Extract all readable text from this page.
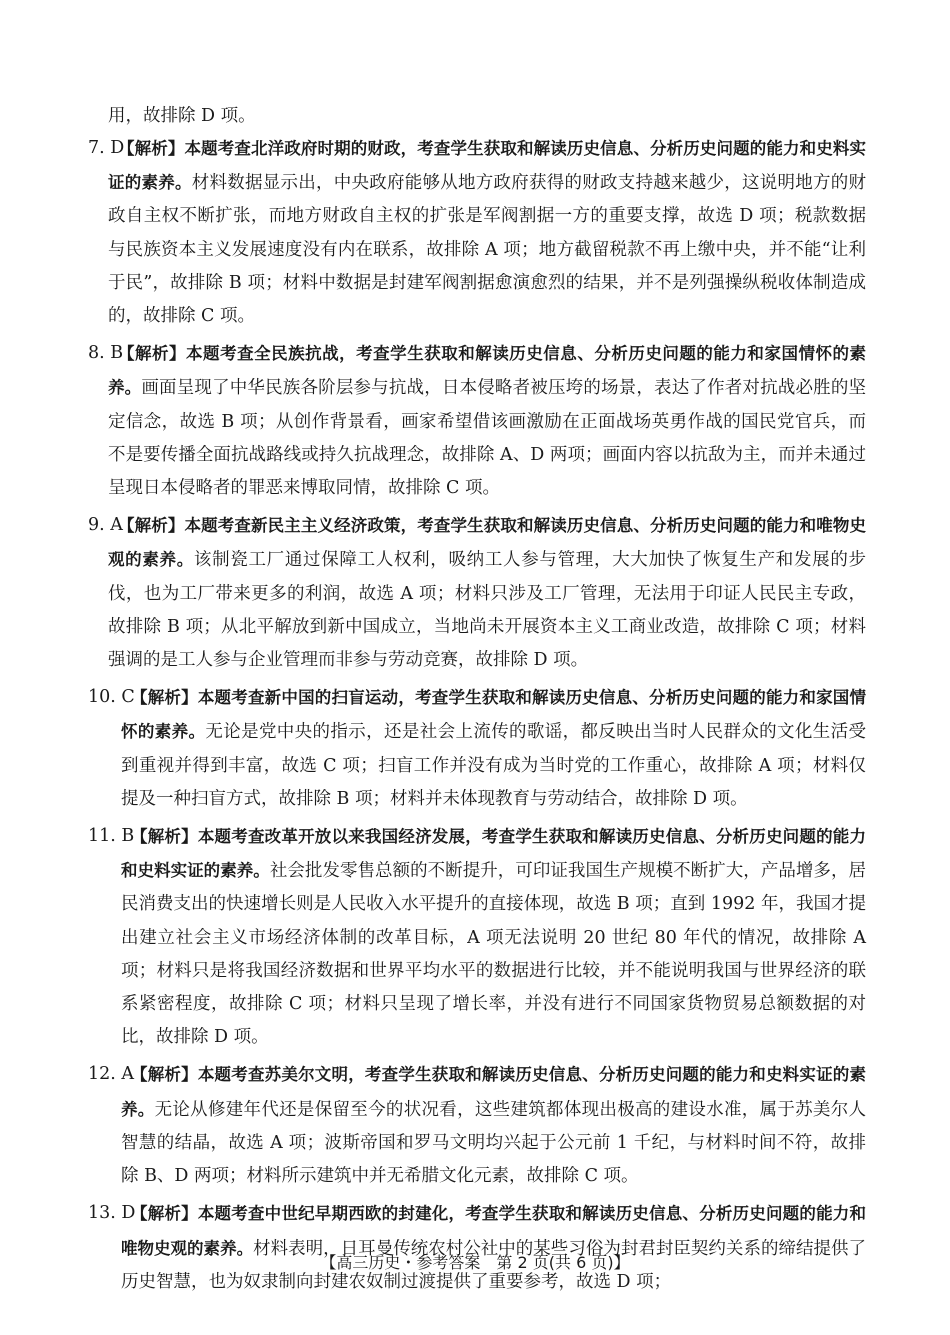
用，故排除 D 项。
7. D
【解析】本题考查北洋政府时期的财政，考查学生获取和解读历史信息、分析历史问题的能力和史料实证的素养。材料数据显示出，中央政府能够从地方政府获得的财政支持越来越少，这说明地方的财政自主权不断扩张，而地方财政自主权的扩张是军阀割据一方的重要支撑，故选 D 项；税款数据与民族资本主义发展速度没有内在联系，故排除 A 项；地方截留税款不再上缴中央，并不能“让利于民”，故排除 B 项；材料中数据是封建军阀割据愈演愈烈的结果，并不是列强操纵税收体制造成的，故排除 C 项。
8. B
【解析】本题考查全民族抗战，考查学生获取和解读历史信息、分析历史问题的能力和家国情怀的素养。画面呈现了中华民族各阶层参与抗战，日本侵略者被压垮的场景，表达了作者对抗战必胜的坚定信念，故选 B 项；从创作背景看，画家希望借该画激励在正面战场英勇作战的国民党官兵，而不是要传播全面抗战路线或持久抗战理念，故排除 A、D 两项；画面内容以抗敌为主，而并未通过呈现日本侵略者的罪恶来博取同情，故排除 C 项。
9. A
【解析】本题考查新民主主义经济政策，考查学生获取和解读历史信息、分析历史问题的能力和唯物史观的素养。该制瓷工厂通过保障工人权利，吸纳工人参与管理，大大加快了恢复生产和发展的步伐，也为工厂带来更多的利润，故选 A 项；材料只涉及工厂管理，无法用于印证人民民主专政，故排除 B 项；从北平解放到新中国成立，当地尚未开展资本主义工商业改造，故排除 C 项；材料强调的是工人参与企业管理而非参与劳动竞赛，故排除 D 项。
10. C
【解析】本题考查新中国的扫盲运动，考查学生获取和解读历史信息、分析历史问题的能力和家国情怀的素养。无论是党中央的指示，还是社会上流传的歌谣，都反映出当时人民群众的文化生活受到重视并得到丰富，故选 C 项；扫盲工作并没有成为当时党的工作重心，故排除 A 项；材料仅提及一种扫盲方式，故排除 B 项；材料并未体现教育与劳动结合，故排除 D 项。
11. B
【解析】本题考查改革开放以来我国经济发展，考查学生获取和解读历史信息、分析历史问题的能力和史料实证的素养。社会批发零售总额的不断提升，可印证我国生产规模不断扩大，产品增多，居民消费支出的快速增长则是人民收入水平提升的直接体现，故选 B 项；直到 1992 年，我国才提出建立社会主义市场经济体制的改革目标，A 项无法说明 20 世纪 80 年代的情况，故排除 A 项；材料只是将我国经济数据和世界平均水平的数据进行比较，并不能说明我国与世界经济的联系紧密程度，故排除 C 项；材料只呈现了增长率，并没有进行不同国家货物贸易总额数据的对比，故排除 D 项。
12. A
【解析】本题考查苏美尔文明，考查学生获取和解读历史信息、分析历史问题的能力和史料实证的素养。无论从修建年代还是保留至今的状况看，这些建筑都体现出极高的建设水准，属于苏美尔人智慧的结晶，故选 A 项；波斯帝国和罗马文明均兴起于公元前 1 千纪，与材料时间不符，故排除 B、D 两项；材料所示建筑中并无希腊文化元素，故排除 C 项。
13. D
【解析】本题考查中世纪早期西欧的封建化，考查学生获取和解读历史信息、分析历史问题的能力和唯物史观的素养。材料表明，日耳曼传统农村公社中的某些习俗为封君封臣契约关系的缔结提供了历史智慧，也为奴隶制向封建农奴制过渡提供了重要参考，故选 D 项；
【高三历史・参考答案　第 2 页(共 6 页)】
